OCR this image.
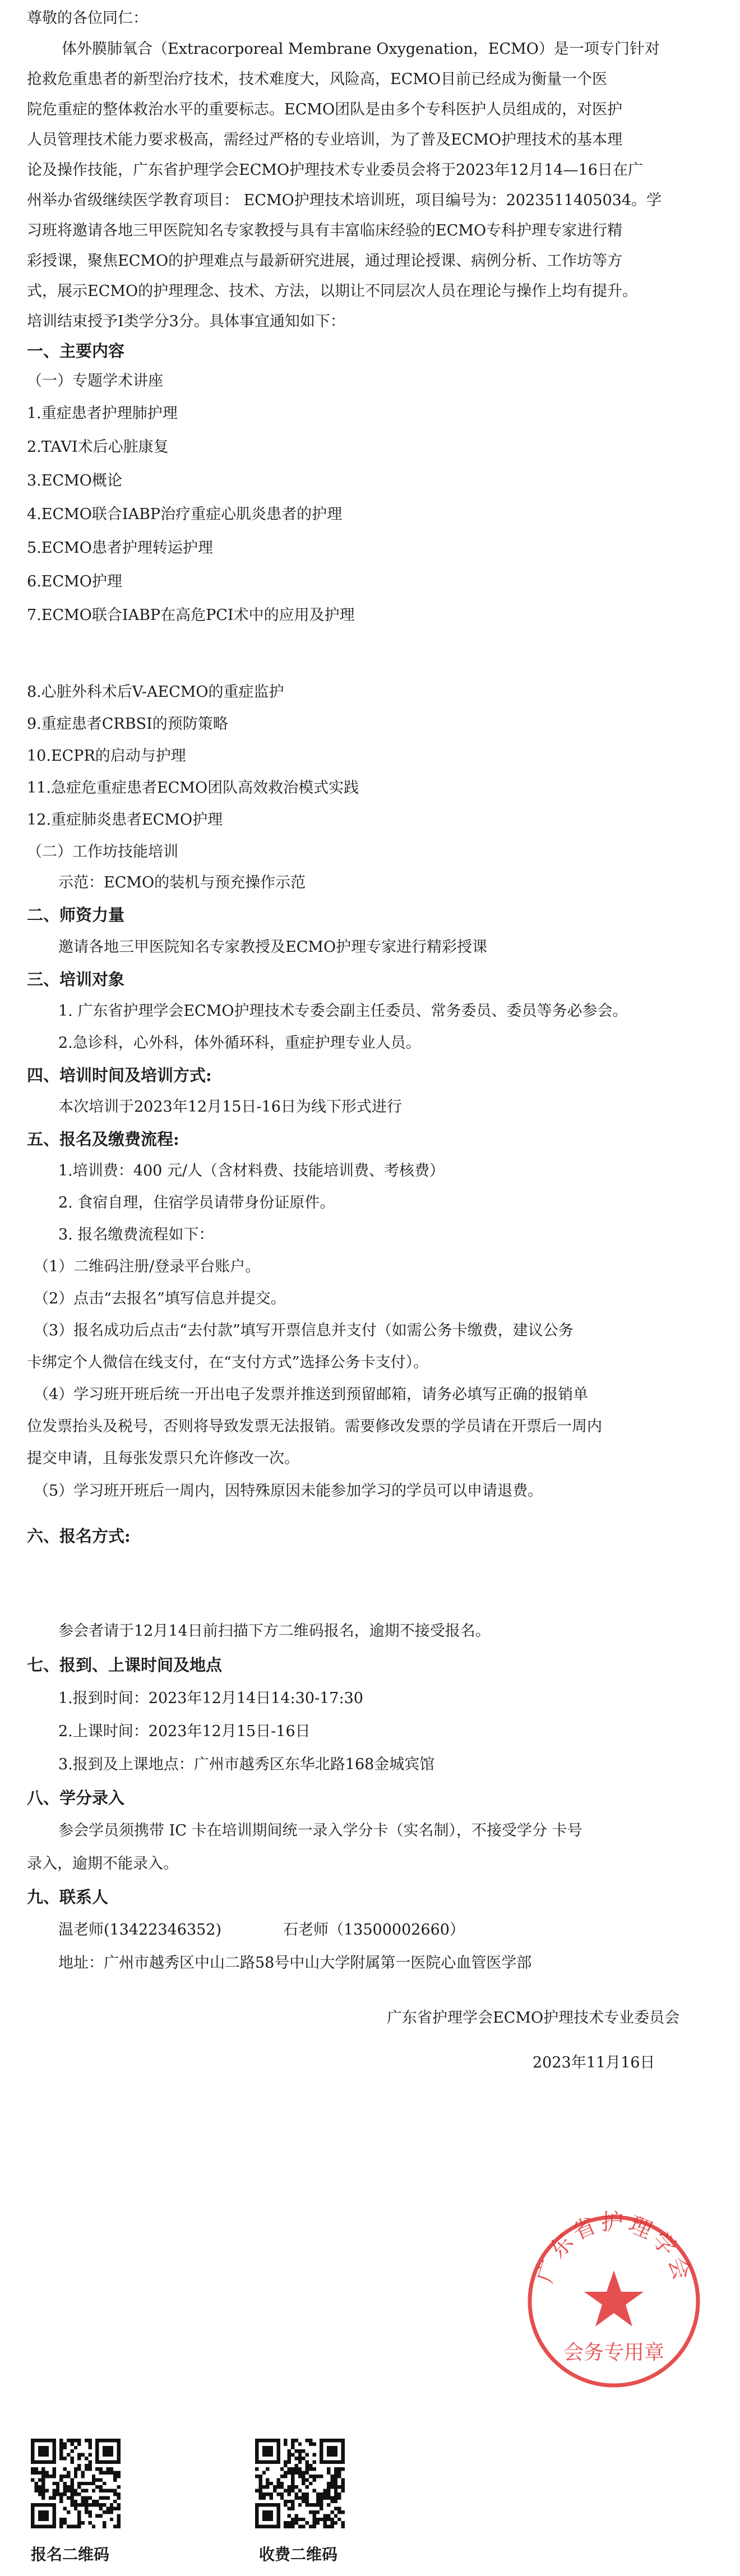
尊敬的各位同仁：
体外膜肺氧合（Extracorporeal Membrane Oxygenation，ECMO）是一项专门针对
抢救危重患者的新型治疗技术，技术难度大，风险高，ECMO目前已经成为衡量一个医
院危重症的整体救治水平的重要标志。ECMO团队是由多个专科医护人员组成的，对医护
人员管理技术能力要求极高，需经过严格的专业培训，为了普及ECMO护理技术的基本理
论及操作技能，广东省护理学会ECMO护理技术专业委员会将于2023年12月14—16日在广
州举办省级继续医学教育项目： ECMO护理技术培训班，项目编号为：2023511405034。学
习班将邀请各地三甲医院知名专家教授与具有丰富临床经验的ECMO专科护理专家进行精
彩授课，聚焦ECMO的护理难点与最新研究进展，通过理论授课、病例分析、工作坊等方
式，展示ECMO的护理理念、技术、方法，以期让不同层次人员在理论与操作上均有提升。
培训结束授予Ⅰ类学分3分。具体事宜通知如下：
一、主要内容
（一）专题学术讲座
1.重症患者护理肺护理
2.TAVI术后心脏康复
3.ECMO概论
4.ECMO联合IABP治疗重症心肌炎患者的护理
5.ECMO患者护理转运护理
6.ECMO护理
7.ECMO联合IABP在高危PCI术中的应用及护理
8.心脏外科术后V-AECMO的重症监护
9.重症患者CRBSI的预防策略
10.ECPR的启动与护理
11.急症危重症患者ECMO团队高效救治模式实践
12.重症肺炎患者ECMO护理
（二）工作坊技能培训
示范：ECMO的装机与预充操作示范
二、师资力量
邀请各地三甲医院知名专家教授及ECMO护理专家进行精彩授课
三、培训对象
1. 广东省护理学会ECMO护理技术专委会副主任委员、常务委员、委员等务必参会。
2.急诊科，心外科，体外循环科，重症护理专业人员。
四、培训时间及培训方式:
本次培训于2023年12月15日-16日为线下形式进行
五、报名及缴费流程:
1.培训费：400 元/人（含材料费、技能培训费、考核费）
2. 食宿自理，住宿学员请带身份证原件。
3. 报名缴费流程如下：
（1）二维码注册/登录平台账户。
（2）点击“去报名”填写信息并提交。
（3）报名成功后点击“去付款”填写开票信息并支付（如需公务卡缴费，建议公务
卡绑定个人微信在线支付，在“支付方式”选择公务卡支付）。
（4）学习班开班后统一开出电子发票并推送到预留邮箱，请务必填写正确的报销单
位发票抬头及税号，否则将导致发票无法报销。需要修改发票的学员请在开票后一周内
提交申请，且每张发票只允许修改一次。
（5）学习班开班后一周内，因特殊原因未能参加学习的学员可以申请退费。
六、报名方式:
参会者请于12月14日前扫描下方二维码报名，逾期不接受报名。
七、报到、上课时间及地点
1.报到时间：2023年12月14日14:30-17:30
2.上课时间：2023年12月15日-16日
3.报到及上课地点：广州市越秀区东华北路168金城宾馆
八、学分录入
参会学员须携带 IC 卡在培训期间统一录入学分卡（实名制），不接受学分 卡号
录入，逾期不能录入。
九、联系人
温老师(13422346352)	石老师（13500002660）
地址：广州市越秀区中山二路58号中山大学附属第一医院心血管医学部
广东省护理学会ECMO护理技术专业委员会
2023年11月16日
广东省护理学会
会务专用章
报名二维码	收费二维码
